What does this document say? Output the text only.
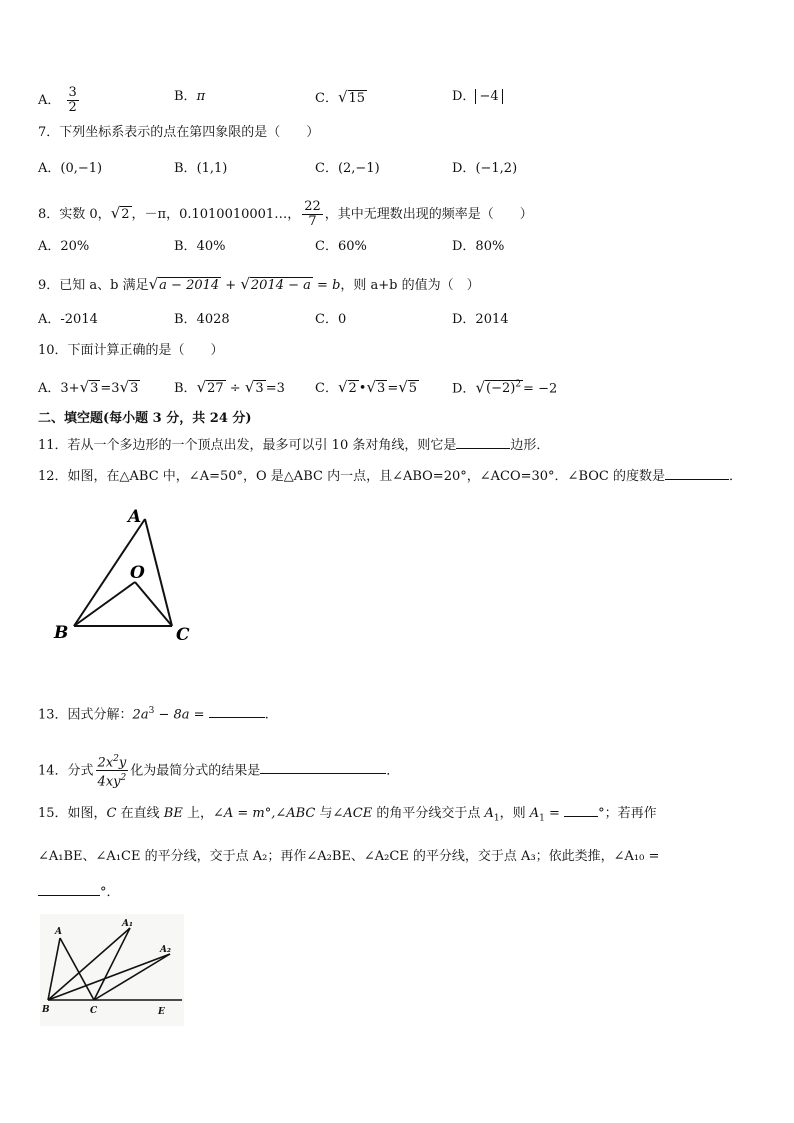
A． $\frac{3}{2}$	B．π	C．√15	D． −4
7．下列坐标系表示的点在第四象限的是（　　）
A．(0,−1)	B．(1,1)	C．(2,−1)	D．(−1,2)
8．实数 0，√2 ，－π，0.1010010001…， $\frac{22}{7}$ ，其中无理数出现的频率是（　　）
A．20%	B．40%	C．60%	D．80%
9．已知 a、b 满足√a − 2014 + √2014 − a = b，则 a+b 的值为（　）
A．-2014	B．4028	C．0	D．2014
10．下面计算正确的是（　　）
A．3+√3 =3√3	B．√27 ÷ √3 =3 C．√2 •√3 =√5	D．$√(-2)^2 = -2$
二、填空题(每小题 3 分，共 24 分)
11．若从一个多边形的一个顶点出发，最多可以引 10 条对角线，则它是	边形．
12．如图，在△ABC 中，∠A=50°，O 是△ABC 内一点，且∠ABO=20°，∠ACO=30°．∠BOC 的度数是	．
A
O
B	C
13．因式分解：$2a^3 - 8a$ =	.
14．分式 $\frac{2x^2y}{4xy^2}$ 化为最简分式的结果是	．
15．如图，C 在直线 BE 上，∠A = m°,∠ABC 与∠ACE 的角平分线交于点 $A_1$，则 $A_1$ =	°；若再作
∠A₁BE、∠A₁CE 的平分线，交于点 A₂；再作∠A₂BE、∠A₂CE 的平分线，交于点 A₃；依此类推，∠A₁₀ =
°．
A
A₁
A₂
B	C	E
